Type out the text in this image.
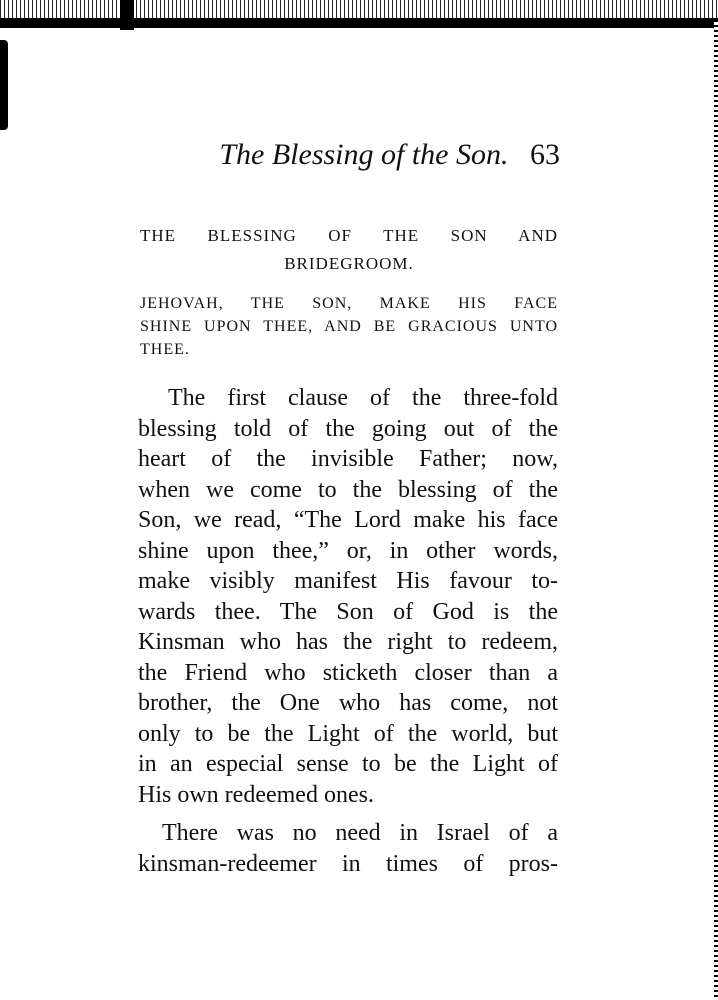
The Blessing of the Son. 63
THE BLESSING OF THE SON AND
BRIDEGROOM.
JEHOVAH, THE SON, MAKE HIS FACE
SHINE UPON THEE, AND BE GRACIOUS UNTO
THEE.
The first clause of the three-fold
blessing told of the going out of the
heart of the invisible Father; now,
when we come to the blessing of the
Son, we read, “The Lord make his face
shine upon thee,” or, in other words,
make visibly manifest His favour to-
wards thee. The Son of God is the
Kinsman who has the right to redeem,
the Friend who sticketh closer than a
brother, the One who has come, not
only to be the Light of the world, but
in an especial sense to be the Light of
His own redeemed ones.
There was no need in Israel of a
kinsman-redeemer in times of pros-
